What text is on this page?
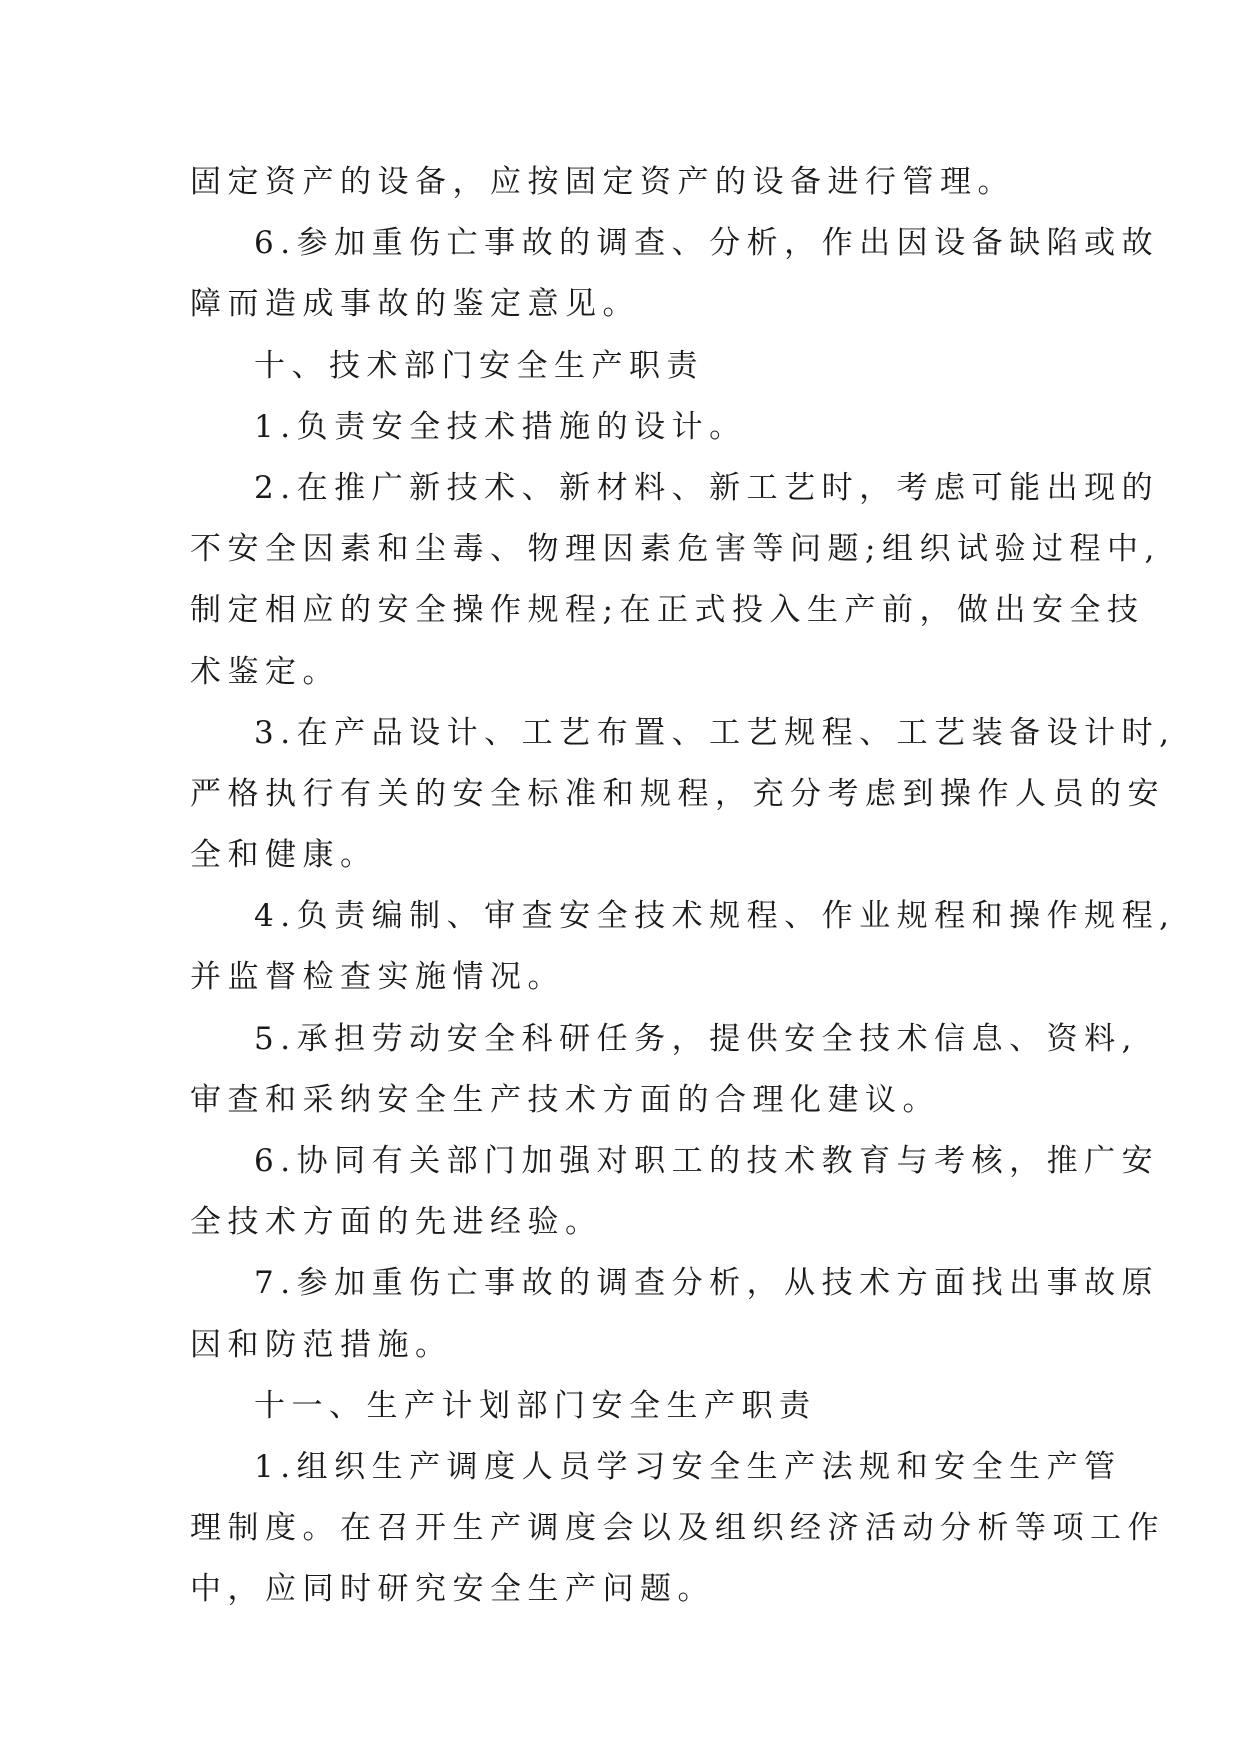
固定资产的设备，应按固定资产的设备进行管理。
6.参加重伤亡事故的调查、分析，作出因设备缺陷或故
障而造成事故的鉴定意见。
十、技术部门安全生产职责
1.负责安全技术措施的设计。
2.在推广新技术、新材料、新工艺时，考虑可能出现的
不安全因素和尘毒、物理因素危害等问题;组织试验过程中,
制定相应的安全操作规程;在正式投入生产前，做出安全技
术鉴定。
3.在产品设计、工艺布置、工艺规程、工艺装备设计时,
严格执行有关的安全标准和规程，充分考虑到操作人员的安
全和健康。
4.负责编制、审查安全技术规程、作业规程和操作规程,
并监督检查实施情况。
5.承担劳动安全科研任务，提供安全技术信息、资料,
审查和采纳安全生产技术方面的合理化建议。
6.协同有关部门加强对职工的技术教育与考核，推广安
全技术方面的先进经验。
7.参加重伤亡事故的调查分析，从技术方面找出事故原
因和防范措施。
十一、生产计划部门安全生产职责
1.组织生产调度人员学习安全生产法规和安全生产管
理制度。在召开生产调度会以及组织经济活动分析等项工作
中，应同时研究安全生产问题。
